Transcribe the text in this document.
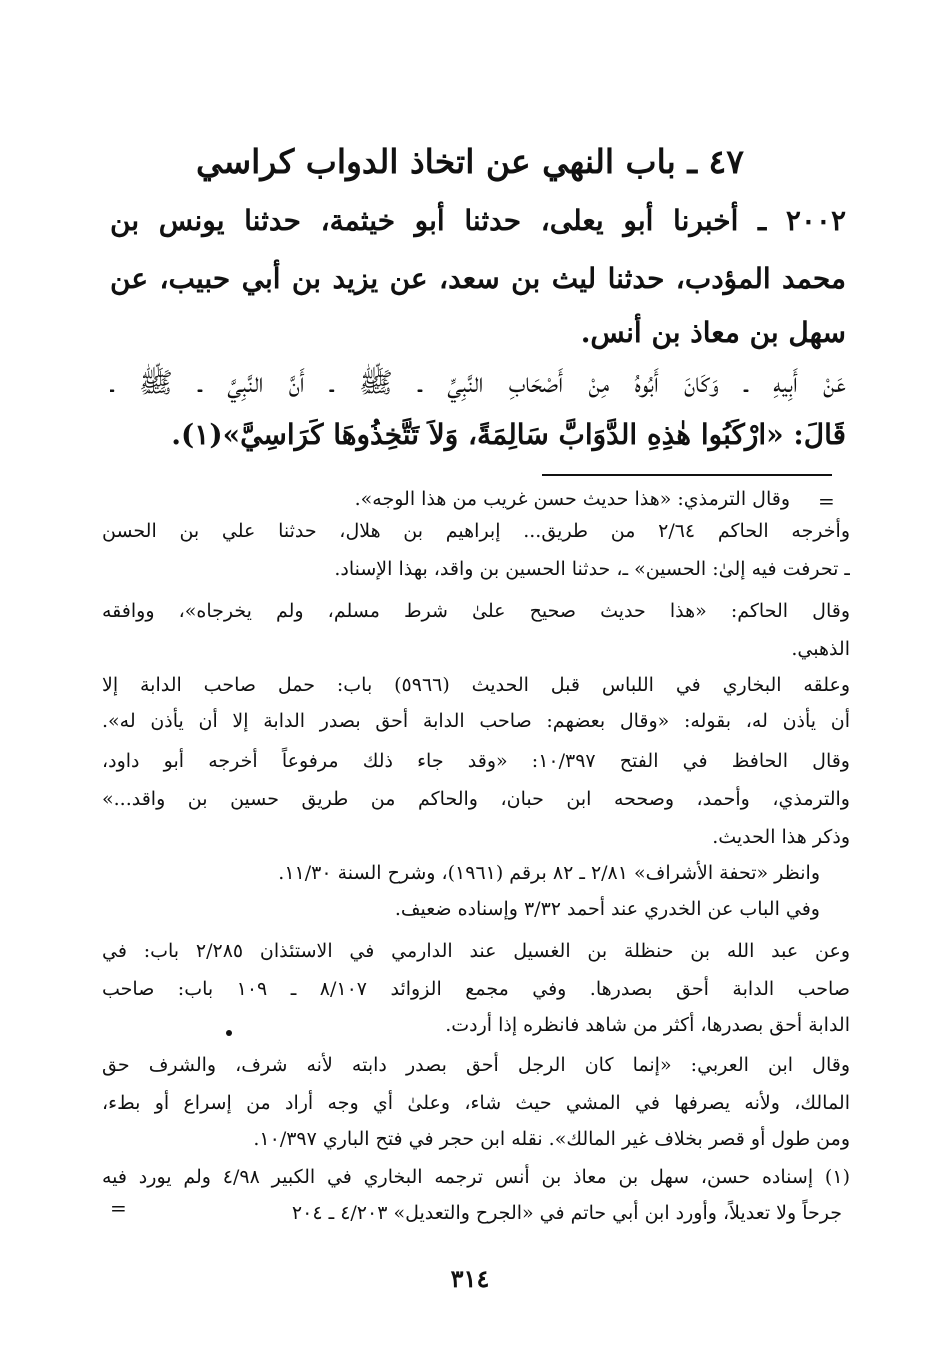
٤٧ ـ باب النهي عن اتخاذ الدواب كراسي
٢٠٠٢ ـ أخبرنا أبو يعلى، حدثنا أبو خيثمة، حدثنا يونس بن
محمد المؤدب، حدثنا ليث بن سعد، عن يزيد بن أبي حبيب، عن
سهل بن معاذ بن أنس.
عَنْ أَبِيهِ ـ وَكَانَ أَبُوهُ مِنْ أَصْحَابِ النَّبِيِّ ـ ﷺ ـ أَنَّ النَّبِيَّ ـ ﷺ ـ
قَالَ: «ارْكَبُوا هٰذِهِ الدَّوَابَّ سَالِمَةً، وَلاَ تَتَّخِذُوهَا كَرَاسِيَّ»(١).
=
وقال الترمذي: «هذا حديث حسن غريب من هذا الوجه».
وأخرجه الحاكم ٢/٦٤ من طريق... إبراهيم بن هلال، حدثنا علي بن الحسن
ـ تحرفت فيه إلىٰ: الحسين» ـ، حدثنا الحسين بن واقد، بهذا الإسناد.
وقال الحاكم: «هذا حديث صحيح علىٰ شرط مسلم، ولم يخرجاه»، ووافقه
الذهبي.
وعلقه البخاري في اللباس قبل الحديث (٥٩٦٦) باب: حمل صاحب الدابة إلا
أن يأذن له، بقوله: «وقال بعضهم: صاحب الدابة أحق بصدر الدابة إلا أن يأذن له».
وقال الحافظ في الفتح ١٠/٣٩٧: «وقد جاء ذلك مرفوعاً أخرجه أبو داود،
والترمذي، وأحمد، وصححه ابن حبان، والحاكم من طريق حسين بن واقد...»
وذكر هذا الحديث.
وانظر «تحفة الأشراف» ٢/٨١ ـ ٨٢ برقم (١٩٦١)، وشرح السنة ١١/٣٠.
وفي الباب عن الخدري عند أحمد ٣/٣٢ وإسناده ضعيف.
وعن عبد الله بن حنظلة بن الغسيل عند الدارمي في الاستئذان ٢/٢٨٥ باب: في
صاحب الدابة أحق بصدرها. وفي مجمع الزوائد ٨/١٠٧ ـ ١٠٩ باب: صاحب
الدابة أحق بصدرها، أكثر من شاهد فانظره إذا أردت.
وقال ابن العربي: «إنما كان الرجل أحق بصدر دابته لأنه شرف، والشرف حق
المالك، ولأنه يصرفها في المشي حيث شاء، وعلىٰ أي وجه أراد من إسراع أو بطء،
ومن طول أو قصر بخلاف غير المالك». نقله ابن حجر في فتح الباري ١٠/٣٩٧.
(١) إسناده حسن، سهل بن معاذ بن أنس ترجمه البخاري في الكبير ٤/٩٨ ولم يورد فيه
جرحاً ولا تعديلاً، وأورد ابن أبي حاتم في «الجرح والتعديل» ٤/٢٠٣ ـ ٢٠٤
=
٣١٤
